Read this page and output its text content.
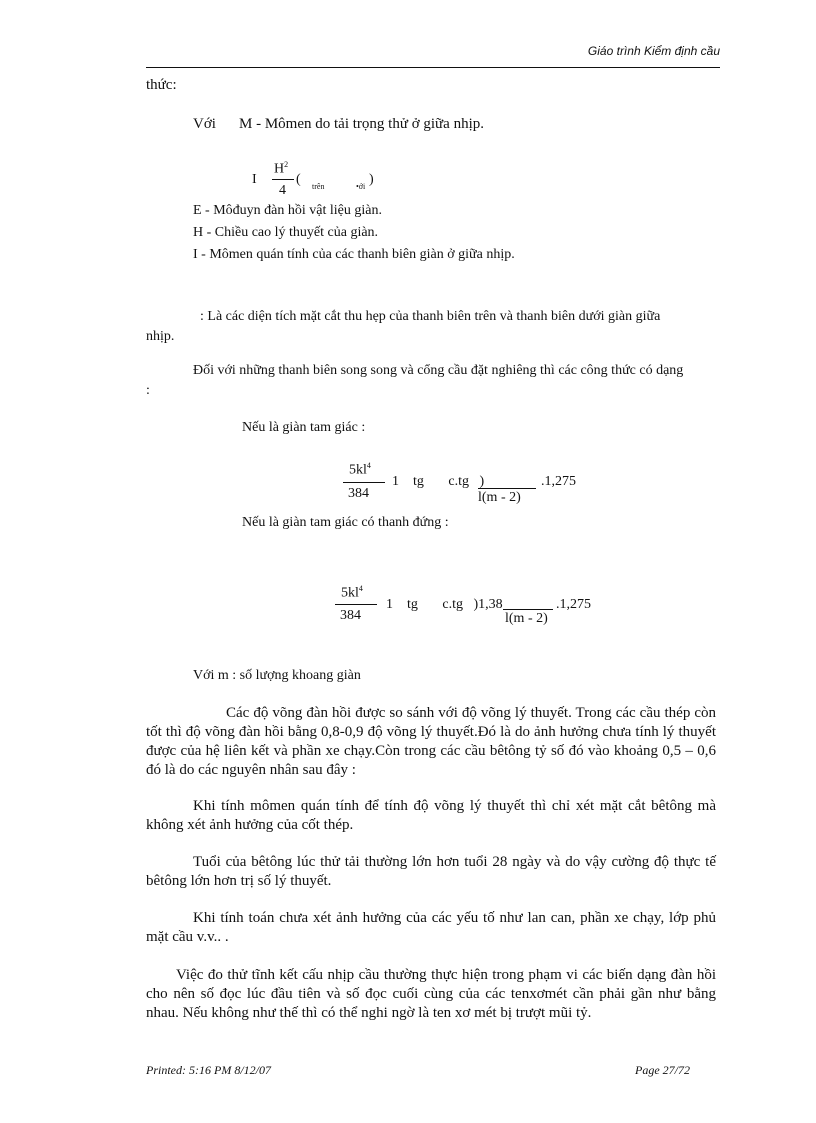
Giáo trình Kiểm định cầu
thức:
Với M - Mômen do tải trọng thử ở giữa nhịp.
I
$H^2$
4
( trên	•ới )
E - Môđuyn đàn hồi vật liệu giàn.
H - Chiều cao lý thuyết của giàn.
I - Mômen quán tính của các thanh biên giàn ở giữa nhịp.
: Là các diện tích mặt cắt thu hẹp của thanh biên trên và thanh biên dưới giàn giữa
nhịp.
Đối với những thanh biên song song và cổng cầu đặt nghiêng thì các công thức có dạng
:
Nếu là giàn tam giác :
$5kl^4$
384
1    tg       c.tg   )
l(m - 2)
.1,275
Nếu là giàn tam giác có thanh đứng :
$5kl^4$
384
1    tg       c.tg   )1,38
l(m - 2)
.1,275
Với m : số lượng khoang giàn
Các độ võng đàn hồi được so sánh với độ võng lý thuyết. Trong các cầu thép còn tốt thì độ võng đàn hồi bằng 0,8-0,9 độ võng lý thuyết.Đó là do ảnh hưởng chưa tính lý thuyết được của hệ liên kết và phần xe chạy.Còn trong các cầu bêtông tỷ số đó vào khoảng 0,5 – 0,6 đó là do các nguyên nhân sau đây :
Khi tính mômen quán tính để tính độ võng lý thuyết thì chỉ xét mặt cắt bêtông mà không xét ảnh hưởng của cốt thép.
Tuổi của bêtông lúc thử tải thường lớn hơn tuổi 28 ngày và do vậy cường độ thực tế bêtông lớn hơn trị số lý thuyết.
Khi tính toán chưa xét ảnh hưởng của các yếu tố như lan can, phần xe chạy, lớp phủ mặt cầu v.v.. .
Việc đo thử tĩnh kết cấu nhịp cầu thường thực hiện trong phạm vi các biến dạng đàn hồi cho nên số đọc lúc đầu tiên và số đọc cuối cùng của các tenxơmét cần phải gần như bằng nhau. Nếu không như thế thì có thể nghi ngờ là ten xơ mét bị trượt mũi tỷ.
Printed: 5:16 PM 8/12/07	Page 27/72
